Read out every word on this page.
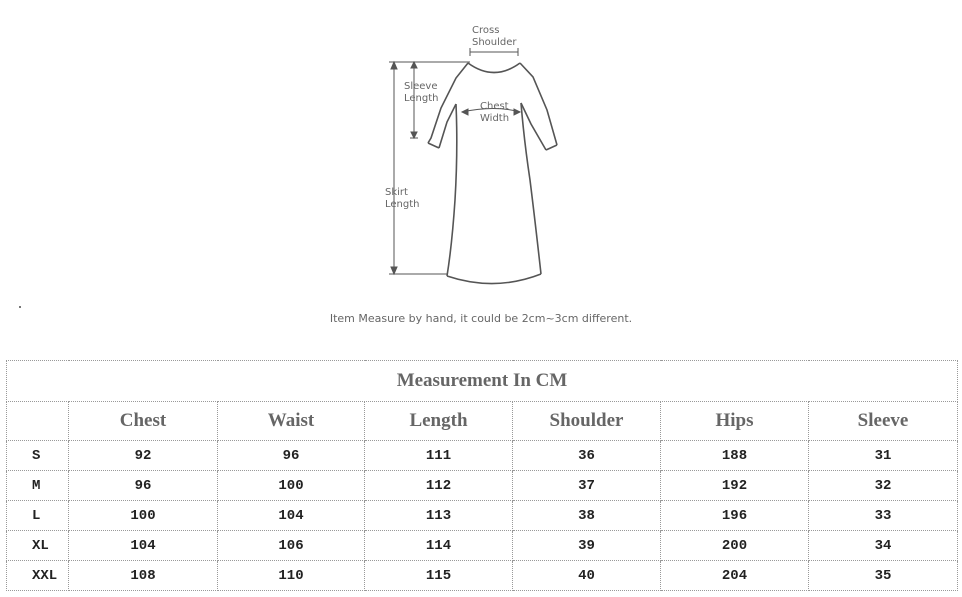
Cross
Shoulder
Sleeve
Length
Skirt
Length
Chest
Width
Item Measure by hand, it could be 2cm~3cm different.
Measurement In CM						
	Chest	Waist	Length	Shoulder	Hips	Sleeve
S	92	96	111	36	188	31
M	96	100	112	37	192	32
L	100	104	113	38	196	33
XL	104	106	114	39	200	34
XXL	108	110	115	40	204	35
